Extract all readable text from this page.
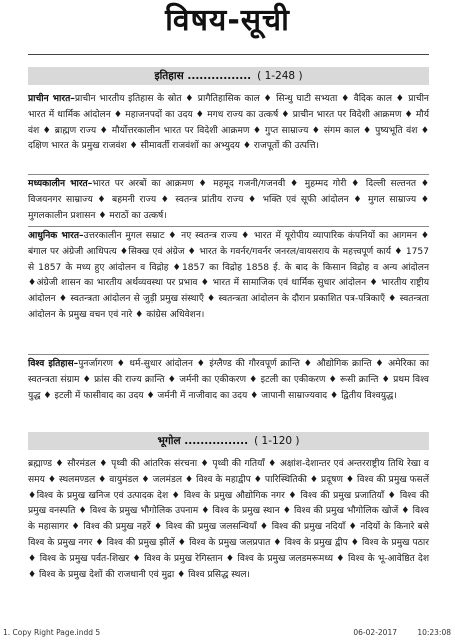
विषय-सूची
इतिहास ................ ( 1-248 )
प्राचीन भारत–प्राचीन भारतीय इतिहास के स्रोत ♦ प्रागैतिहासिक काल ♦ सिन्धु घाटी सभ्यता ♦ वैदिक काल ♦ प्राचीन भारत में धार्मिक आंदोलन ♦ महाजनपदों का उदय ♦ मगध राज्य का उत्कर्ष ♦ प्राचीन भारत पर विदेशी आक्रमण ♦ मौर्य वंश ♦ ब्राह्मण राज्य ♦ मौर्योत्तरकालीन भारत पर विदेशी आक्रमण ♦ गुप्त साम्राज्य ♦ संगम काल ♦ पुष्यभूति वंश ♦ दक्षिण भारत के प्रमुख राजवंश ♦ सीमावर्ती राजवंशों का अभ्युदय ♦ राजपूतों की उत्पत्ति।
मध्यकालीन भारत–भारत पर अरबों का आक्रमण ♦ महमूद गजनी/गजनवी ♦ मुहम्मद गोरी ♦ दिल्ली सल्तनत ♦ विजयनगर साम्राज्य ♦ बहमनी राज्य ♦ स्वतन्त्र प्रांतीय राज्य ♦ भक्ति एवं सूफी आंदोलन ♦ मुगल साम्राज्य ♦ मुगलकालीन प्रशासन ♦ मराठों का उत्कर्ष।
आधुनिक भारत–उत्तरकालीन मुगल सम्राट ♦ नए स्वतन्त्र राज्य ♦ भारत में यूरोपीय व्यापारिक कंपनियों का आगमन ♦ बंगाल पर अंग्रेजी आधिपत्य ♦सिक्ख एवं अंग्रेज ♦ भारत के गवर्नर/गवर्नर जनरल/वायसराय के महत्त्वपूर्ण कार्य ♦ 1757 से 1857 के मध्य हुए आंदोलन व विद्रोह ♦1857 का विद्रोह 1858 ई. के बाद के किसान विद्रोह व अन्य आंदोलन ♦अंग्रेजी शासन का भारतीय अर्थव्यवस्था पर प्रभाव ♦ भारत में सामाजिक एवं धार्मिक सुधार आंदोलन ♦ भारतीय राष्ट्रीय आंदोलन ♦ स्वतन्त्रता आंदोलन से जुड़ी प्रमुख संस्थाएँ ♦ स्वतन्त्रता आंदोलन के दौरान प्रकाशित पत्र-पत्रिकाएँ ♦ स्वतन्त्रता आंदोलन के प्रमुख वचन एवं नारे ♦ कांग्रेस अधिवेशन।
विश्व इतिहास–पुनर्जागरण ♦ धर्म-सुधार आंदोलन ♦ इंग्लैण्ड की गौरवपूर्ण क्रान्ति ♦ औद्योगिक क्रान्ति ♦ अमेरिका का स्वतन्त्रता संग्राम ♦ फ्रांस की राज्य क्रान्ति ♦ जर्मनी का एकीकरण ♦ इटली का एकीकरण ♦ रूसी क्रान्ति ♦ प्रथम विश्व युद्ध ♦ इटली में फासीवाद का उदय ♦ जर्मनी में नाजीवाद का उदय ♦ जापानी साम्राज्यवाद ♦ द्वितीय विश्वयुद्ध।
भूगोल ................ ( 1-120 )
ब्रह्माण्ड ♦ सौरमंडल ♦ पृथ्वी की आंतरिक संरचना ♦ पृथ्वी की गतियाँ ♦ अक्षांश-देशान्तर एवं अन्तरराष्ट्रीय तिथि रेखा व समय ♦ स्थलमण्डल ♦ वायुमंडल ♦ जलमंडल ♦ विश्व के महाद्वीप ♦ पारिस्थितिकी ♦ प्रदूषण ♦ विश्व की प्रमुख फसलें ♦विश्व के प्रमुख खनिज एवं उत्पादक देश ♦ विश्व के प्रमुख औद्योगिक नगर ♦ विश्व की प्रमुख प्रजातियाँ ♦ विश्व की प्रमुख वनस्पति ♦ विश्व के प्रमुख भौगोलिक उपनाम ♦ विश्व के प्रमुख स्थान ♦ विश्व की प्रमुख भौगोलिक खोजें ♦ विश्व के महासागर ♦ विश्व की प्रमुख नहरें ♦ विश्व की प्रमुख जलसन्धियाँ ♦ विश्व की प्रमुख नदियाँ ♦ नदियों के किनारे बसे विश्व के प्रमुख नगर ♦ विश्व की प्रमुख झीलें ♦ विश्व के प्रमुख जलप्रपात ♦ विश्व के प्रमुख द्वीप ♦ विश्व के प्रमुख पठार ♦ विश्व के प्रमुख पर्वत-शिखर ♦ विश्व के प्रमुख रेगिस्तान ♦ विश्व के प्रमुख जलडमरूमध्य ♦ विश्व के भू-आवेष्ठित देश ♦ विश्व के प्रमुख देशों की राजधानी एवं मुद्रा ♦ विश्व प्रसिद्ध स्थल।
1. Copy Right Page.indd 5	06-02-2017	10:23:08
